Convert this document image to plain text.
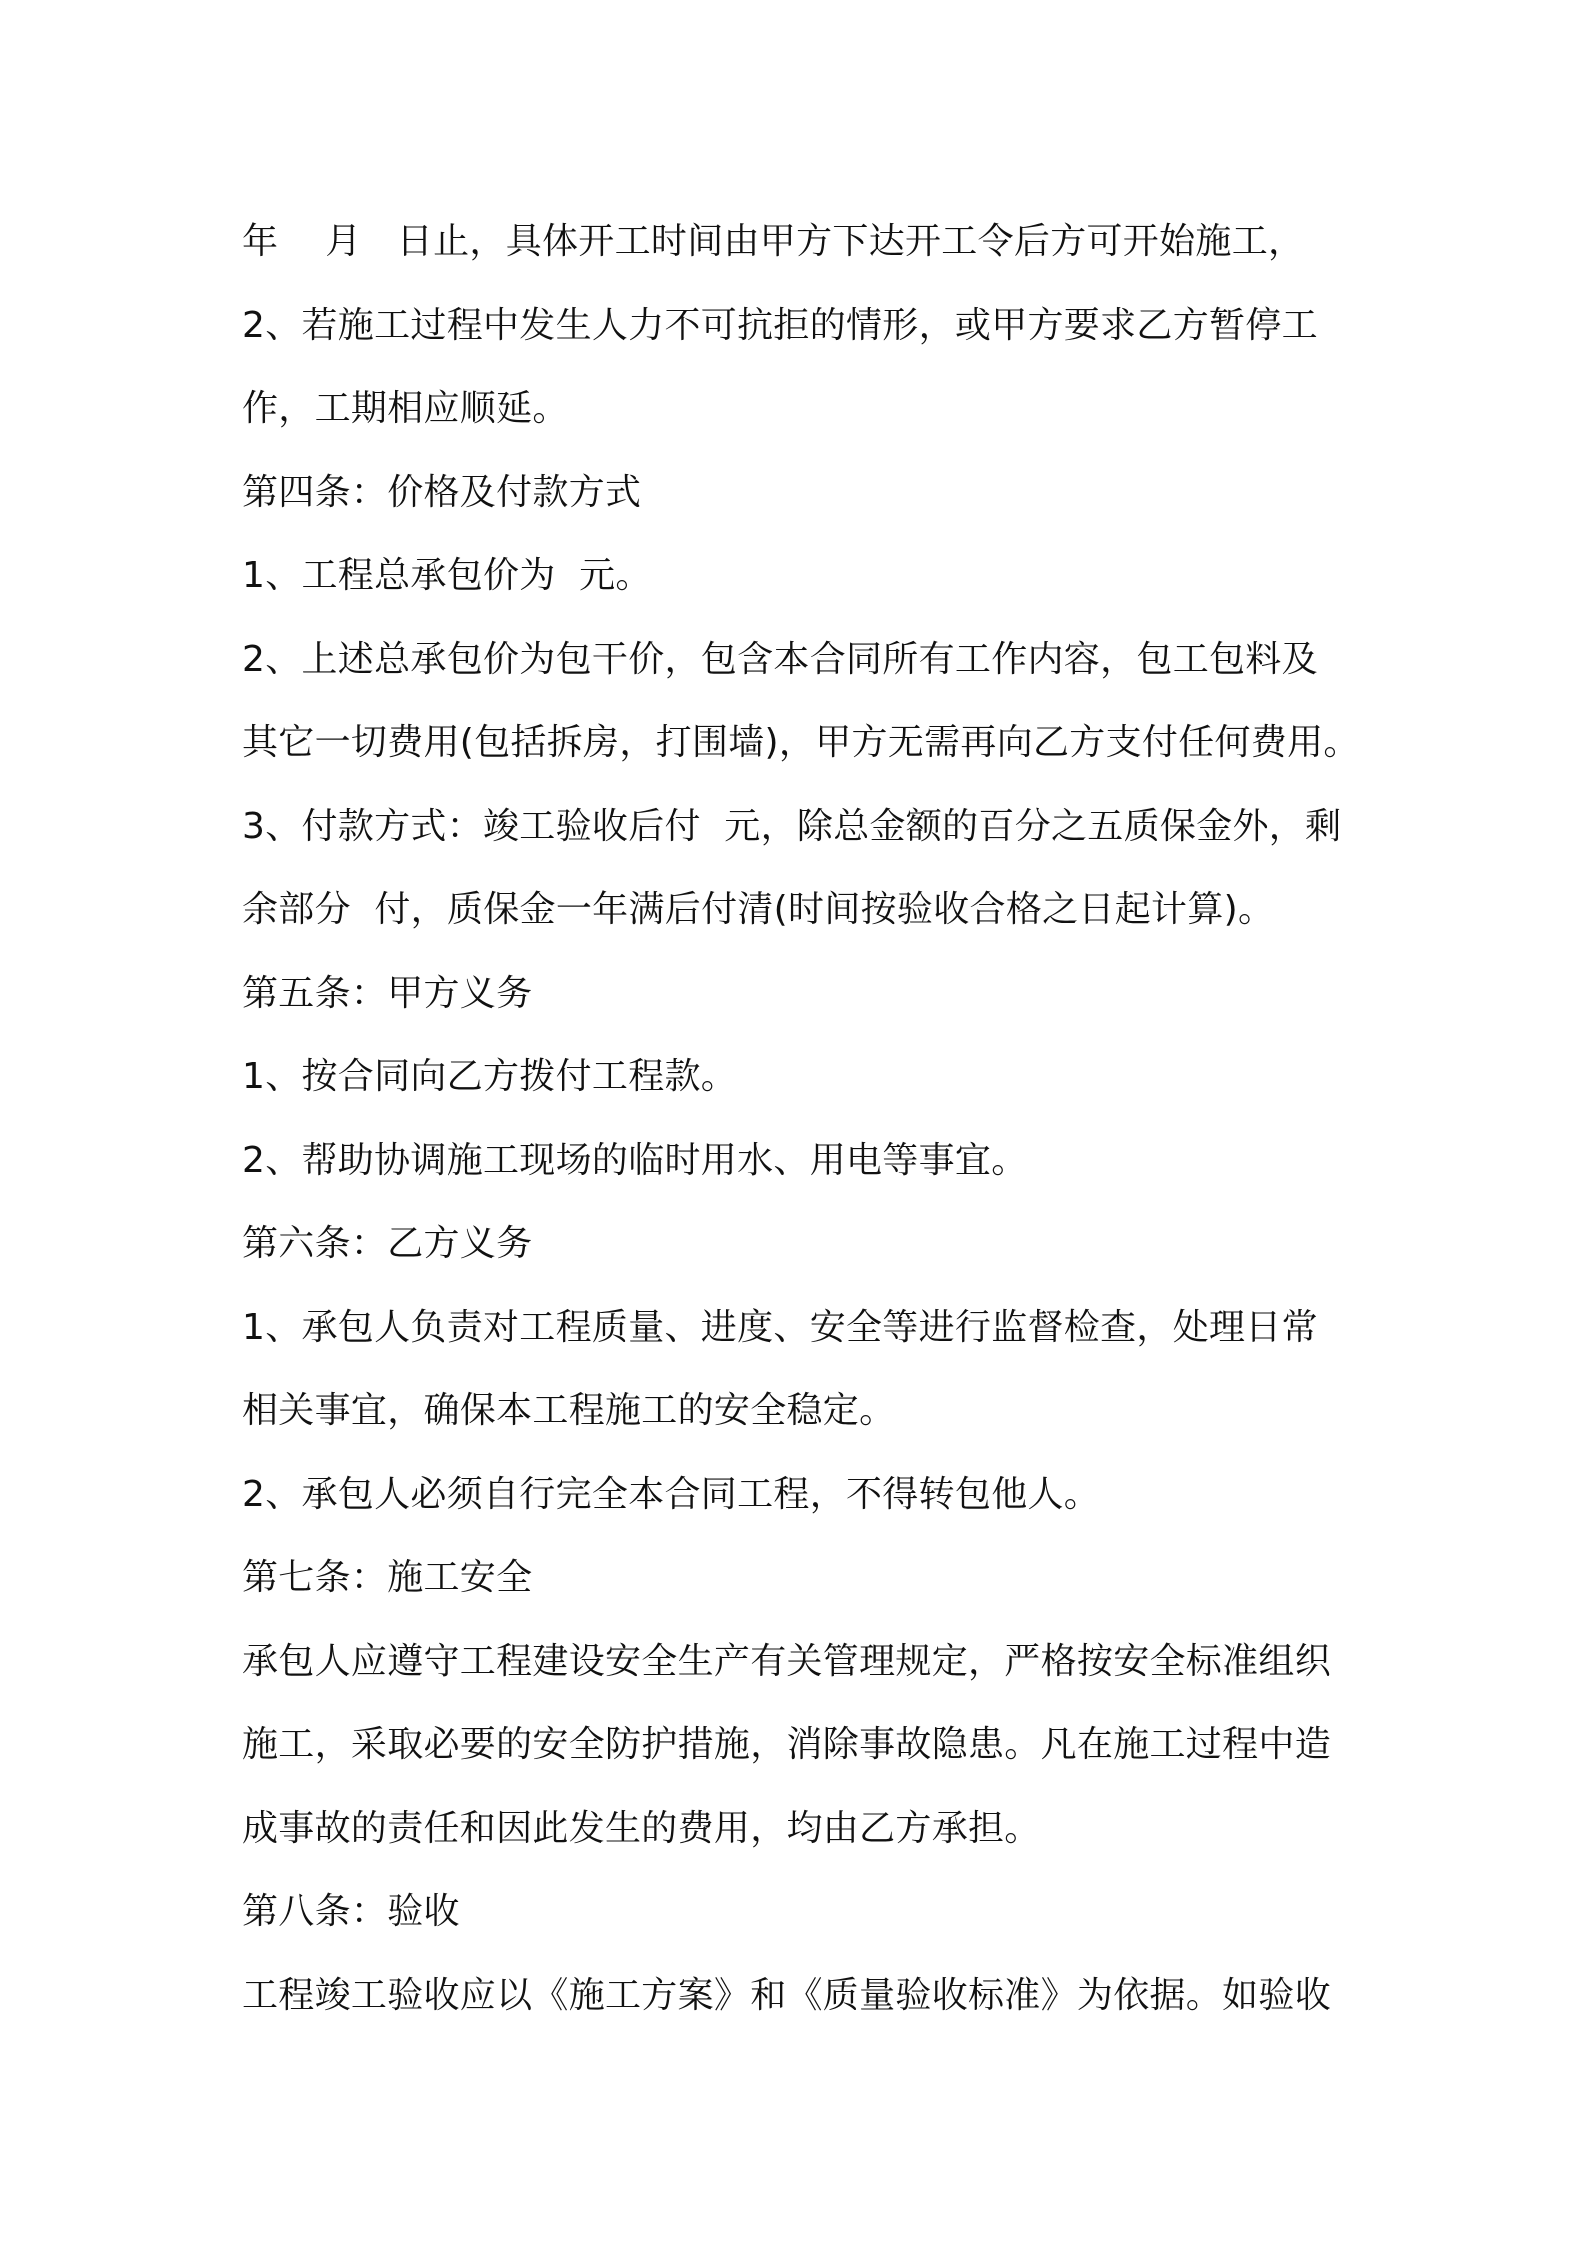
年    月   日止，具体开工时间由甲方下达开工令后方可开始施工，
2、若施工过程中发生人力不可抗拒的情形，或甲方要求乙方暂停工
作，工期相应顺延。
第四条：价格及付款方式
1、工程总承包价为  元。
2、上述总承包价为包干价，包含本合同所有工作内容，包工包料及
其它一切费用(包括拆房，打围墙)，甲方无需再向乙方支付任何费用。
3、付款方式：竣工验收后付  元，除总金额的百分之五质保金外，剩
余部分  付，质保金一年满后付清(时间按验收合格之日起计算)。
第五条：甲方义务
1、按合同向乙方拨付工程款。
2、帮助协调施工现场的临时用水、用电等事宜。
第六条：乙方义务
1、承包人负责对工程质量、进度、安全等进行监督检查，处理日常
相关事宜，确保本工程施工的安全稳定。
2、承包人必须自行完全本合同工程，不得转包他人。
第七条：施工安全
承包人应遵守工程建设安全生产有关管理规定，严格按安全标准组织
施工，采取必要的安全防护措施，消除事故隐患。凡在施工过程中造
成事故的责任和因此发生的费用，均由乙方承担。
第八条：验收
工程竣工验收应以《施工方案》和《质量验收标准》为依据。如验收
